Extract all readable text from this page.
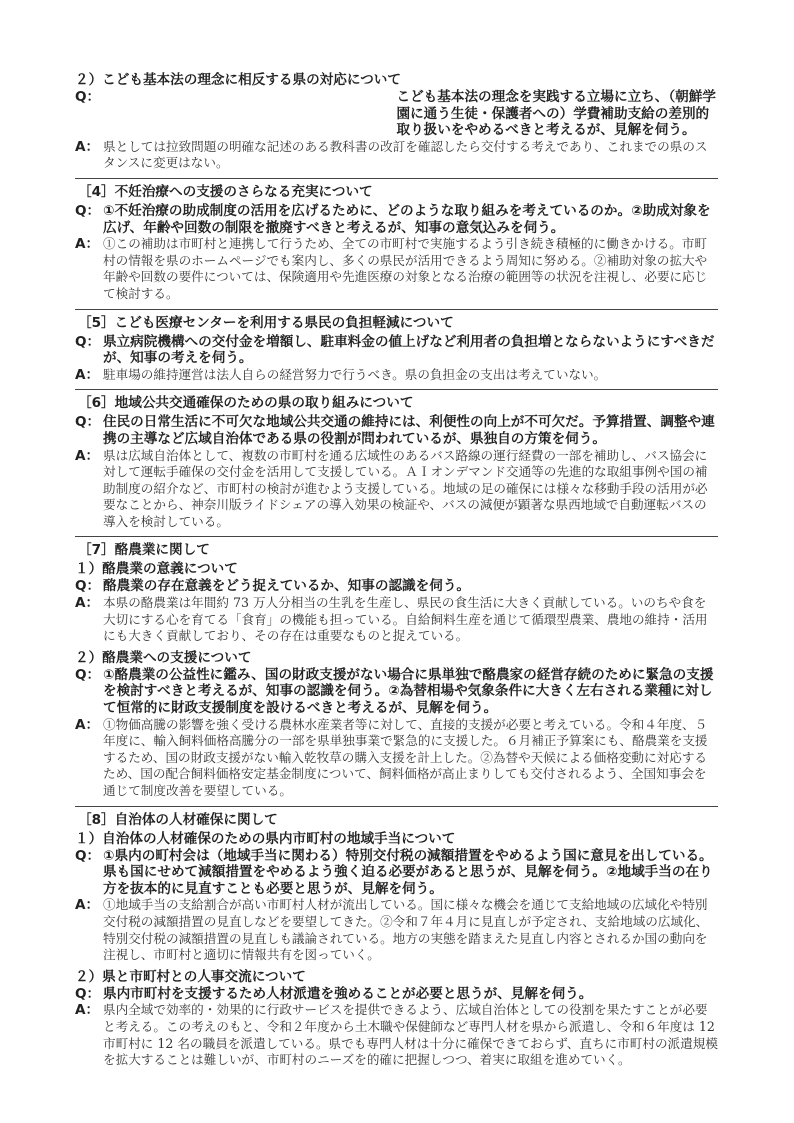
２）こども基本法の理念に相反する県の対応について
Q：	こども基本法の理念を実践する立場に立ち、（朝鮮学園に通う生徒・保護者への）学費補助支給の差別的取り扱いをやめるべきと考えるが、見解を伺う。
A： 県としては拉致問題の明確な記述のある教科書の改訂を確認したら交付する考えであり、これまでの県のスタンスに変更はない。
［4］不妊治療への支援のさらなる充実について
Q： ①不妊治療の助成制度の活用を広げるために、どのような取り組みを考えているのか。②助成対象を広げ、年齢や回数の制限を撤廃すべきと考えるが、知事の意気込みを伺う。
A： ①この補助は市町村と連携して行うため、全ての市町村で実施するよう引き続き積極的に働きかける。市町村の情報を県のホームページでも案内し、多くの県民が活用できるよう周知に努める。②補助対象の拡大や年齢や回数の要件については、保険適用や先進医療の対象となる治療の範囲等の状況を注視し、必要に応じて検討する。
［5］こども医療センターを利用する県民の負担軽減について
Q： 県立病院機構への交付金を増額し、駐車料金の値上げなど利用者の負担増とならないようにすべきだが、知事の考えを伺う。
A： 駐車場の維持運営は法人自らの経営努力で行うべき。県の負担金の支出は考えていない。
［6］地域公共交通確保のための県の取り組みについて
Q： 住民の日常生活に不可欠な地域公共交通の維持には、利便性の向上が不可欠だ。予算措置、調整や連携の主導など広域自治体である県の役割が問われているが、県独自の方策を伺う。
A： 県は広域自治体として、複数の市町村を通る広域性のあるバス路線の運行経費の一部を補助し、バス協会に対して運転手確保の交付金を活用して支援している。ＡＩオンデマンド交通等の先進的な取組事例や国の補助制度の紹介など、市町村の検討が進むよう支援している。地域の足の確保には様々な移動手段の活用が必要なことから、神奈川版ライドシェアの導入効果の検証や、バスの減便が顕著な県西地域で自動運転バスの導入を検討している。
［7］酪農業に関して
１）酪農業の意義について
Q： 酪農業の存在意義をどう捉えているか、知事の認識を伺う。
A： 本県の酪農業は年間約 73 万人分相当の生乳を生産し、県民の食生活に大きく貢献している。いのちや食を大切にする心を育てる「食育」の機能も担っている。自給飼料生産を通じて循環型農業、農地の維持・活用にも大きく貢献しており、その存在は重要なものと捉えている。
２）酪農業への支援について
Q： ①酪農業の公益性に鑑み、国の財政支援がない場合に県単独で酪農家の経営存続のために緊急の支援を検討すべきと考えるが、知事の認識を伺う。②為替相場や気象条件に大きく左右される業種に対して恒常的に財政支援制度を設けるべきと考えるが、見解を伺う。
A： ①物価高騰の影響を強く受ける農林水産業者等に対して、直接的支援が必要と考えている。令和４年度、５年度に、輸入飼料価格高騰分の一部を県単独事業で緊急的に支援した。６月補正予算案にも、酪農業を支援するため、国の財政支援がない輸入乾牧草の購入支援を計上した。②為替や天候による価格変動に対応するため、国の配合飼料価格安定基金制度について、飼料価格が高止まりしても交付されるよう、全国知事会を通じて制度改善を要望している。
［8］自治体の人材確保に関して
１）自治体の人材確保のための県内市町村の地域手当について
Q： ①県内の町村会は（地域手当に関わる）特別交付税の減額措置をやめるよう国に意見を出している。県も国にせめて減額措置をやめるよう強く迫る必要があると思うが、見解を伺う。②地域手当の在り方を抜本的に見直すことも必要と思うが、見解を伺う。
A： ①地域手当の支給割合が高い市町村人材が流出している。国に様々な機会を通じて支給地域の広域化や特別交付税の減額措置の見直しなどを要望してきた。②令和７年４月に見直しが予定され、支給地域の広域化、特別交付税の減額措置の見直しも議論されている。地方の実態を踏まえた見直し内容とされるか国の動向を注視し、市町村と適切に情報共有を図っていく。
２）県と市町村との人事交流について
Q： 県内市町村を支援するため人材派遣を強めることが必要と思うが、見解を伺う。
A： 県内全域で効率的・効果的に行政サービスを提供できるよう、広域自治体としての役割を果たすことが必要と考える。この考えのもと、令和２年度から土木職や保健師など専門人材を県から派遣し、令和６年度は 12 市町村に 12 名の職員を派遣している。県でも専門人材は十分に確保できておらず、直ちに市町村の派遣規模を拡大することは難しいが、市町村のニーズを的確に把握しつつ、着実に取組を進めていく。
